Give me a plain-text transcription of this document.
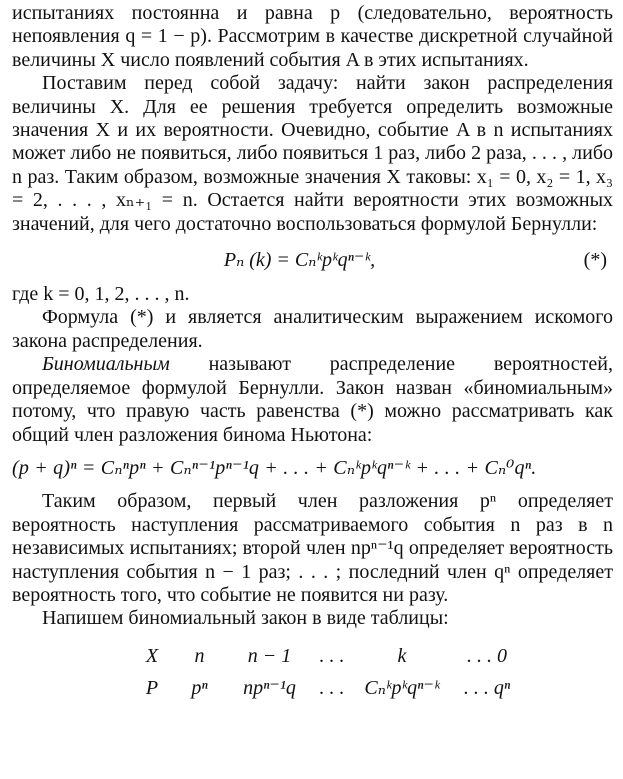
испытаниях постоянна и равна p (следовательно, вероятность непоявления q = 1 − p). Рассмотрим в качестве дискретной случайной величины X число появлений события A в этих испытаниях.

Поставим перед собой задачу: найти закон распределения величины X. Для ее решения требуется определить возможные значения X и их вероятности. Очевидно, событие A в n испытаниях может либо не появиться, либо появиться 1 раз, либо 2 раза, . . . , либо n раз. Таким образом, возможные значения X таковы: x₁ = 0, x₂ = 1, x₃ = 2, . . . , xₙ₊₁ = n. Остается найти вероятности этих возможных значений, для чего достаточно воспользоваться формулой Бернулли:

Pₙ (k) = Cₙᵏpᵏqⁿ⁻ᵏ,	(*)

где k = 0, 1, 2, . . . , n.

Формула (*) и является аналитическим выражением искомого закона распределения.

Биномиальным называют распределение вероятностей, определяемое формулой Бернулли. Закон назван «биномиальным» потому, что правую часть равенства (*) можно рассматривать как общий член разложения бинома Ньютона:

(p + q)ⁿ = Cₙⁿpⁿ + Cₙⁿ⁻¹pⁿ⁻¹q + . . . + Cₙᵏpᵏqⁿ⁻ᵏ + . . . + Cₙ⁰qⁿ.

Таким образом, первый член разложения pⁿ определяет вероятность наступления рассматриваемого события n раз в n независимых испытаниях; второй член npⁿ⁻¹q определяет вероятность наступления события n − 1 раз; . . . ; последний член qⁿ определяет вероятность того, что событие не появится ни разу.

Напишем биномиальный закон в виде таблицы:

X	n	n − 1	. . .	k	. . . 0
P	pⁿ	npⁿ⁻¹q	. . .	Cₙᵏpᵏqⁿ⁻ᵏ	. . . qⁿ
